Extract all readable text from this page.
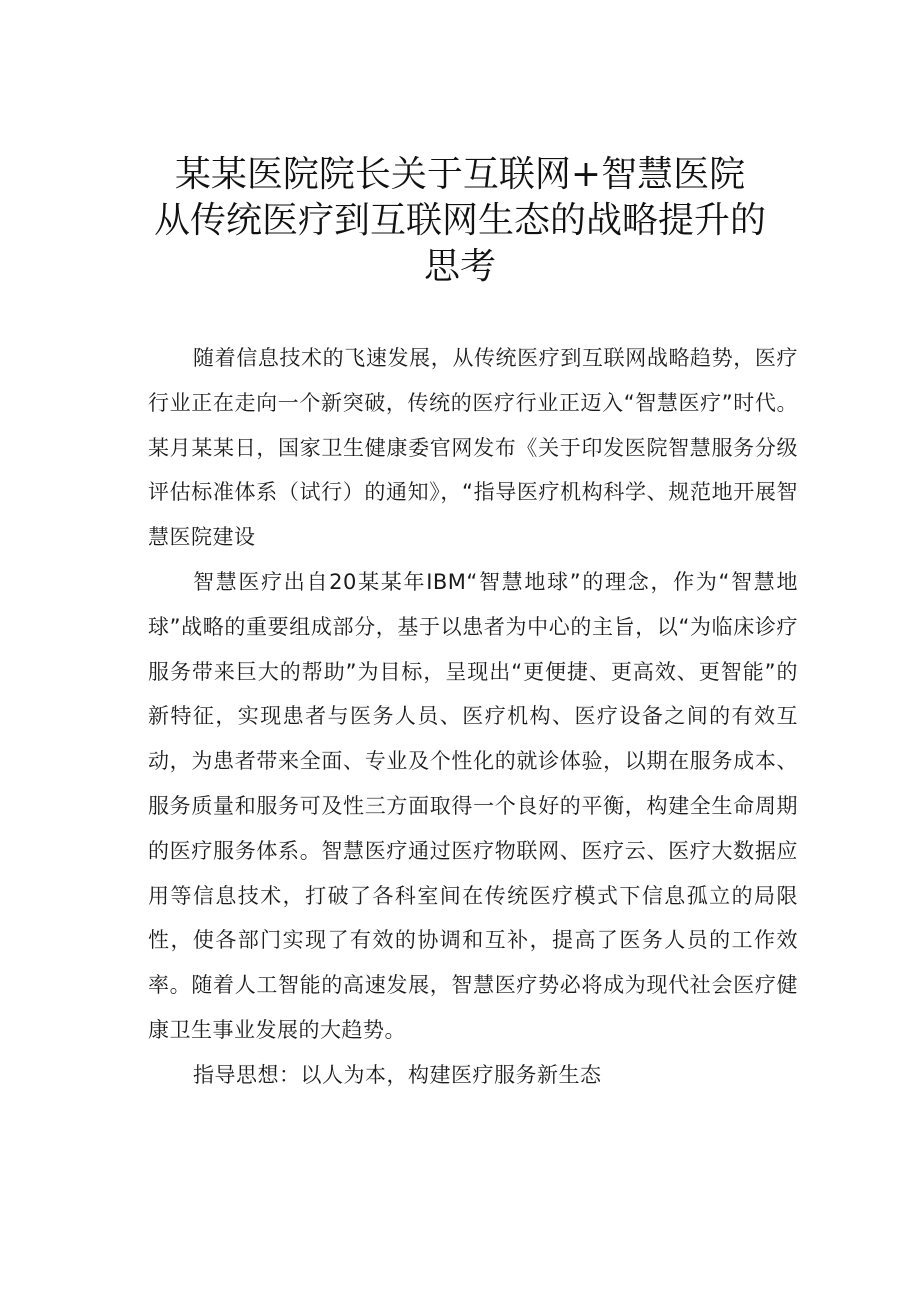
某某医院院长关于互联网+智慧医院
从传统医疗到互联网生态的战略提升的
思考

随着信息技术的飞速发展，从传统医疗到互联网战略趋势，医疗行业正在走向一个新突破，传统的医疗行业正迈入“智慧医疗”时代。某月某某日，国家卫生健康委官网发布《关于印发医院智慧服务分级评估标准体系（试行）的通知》，“指导医疗机构科学、规范地开展智慧医院建设

智慧医疗出自20某某年IBM“智慧地球”的理念，作为“智慧地球”战略的重要组成部分，基于以患者为中心的主旨，以“为临床诊疗服务带来巨大的帮助”为目标，呈现出“更便捷、更高效、更智能”的新特征，实现患者与医务人员、医疗机构、医疗设备之间的有效互动，为患者带来全面、专业及个性化的就诊体验，以期在服务成本、服务质量和服务可及性三方面取得一个良好的平衡，构建全生命周期的医疗服务体系。智慧医疗通过医疗物联网、医疗云、医疗大数据应用等信息技术，打破了各科室间在传统医疗模式下信息孤立的局限性，使各部门实现了有效的协调和互补，提高了医务人员的工作效率。随着人工智能的高速发展，智慧医疗势必将成为现代社会医疗健康卫生事业发展的大趋势。

指导思想：以人为本，构建医疗服务新生态
